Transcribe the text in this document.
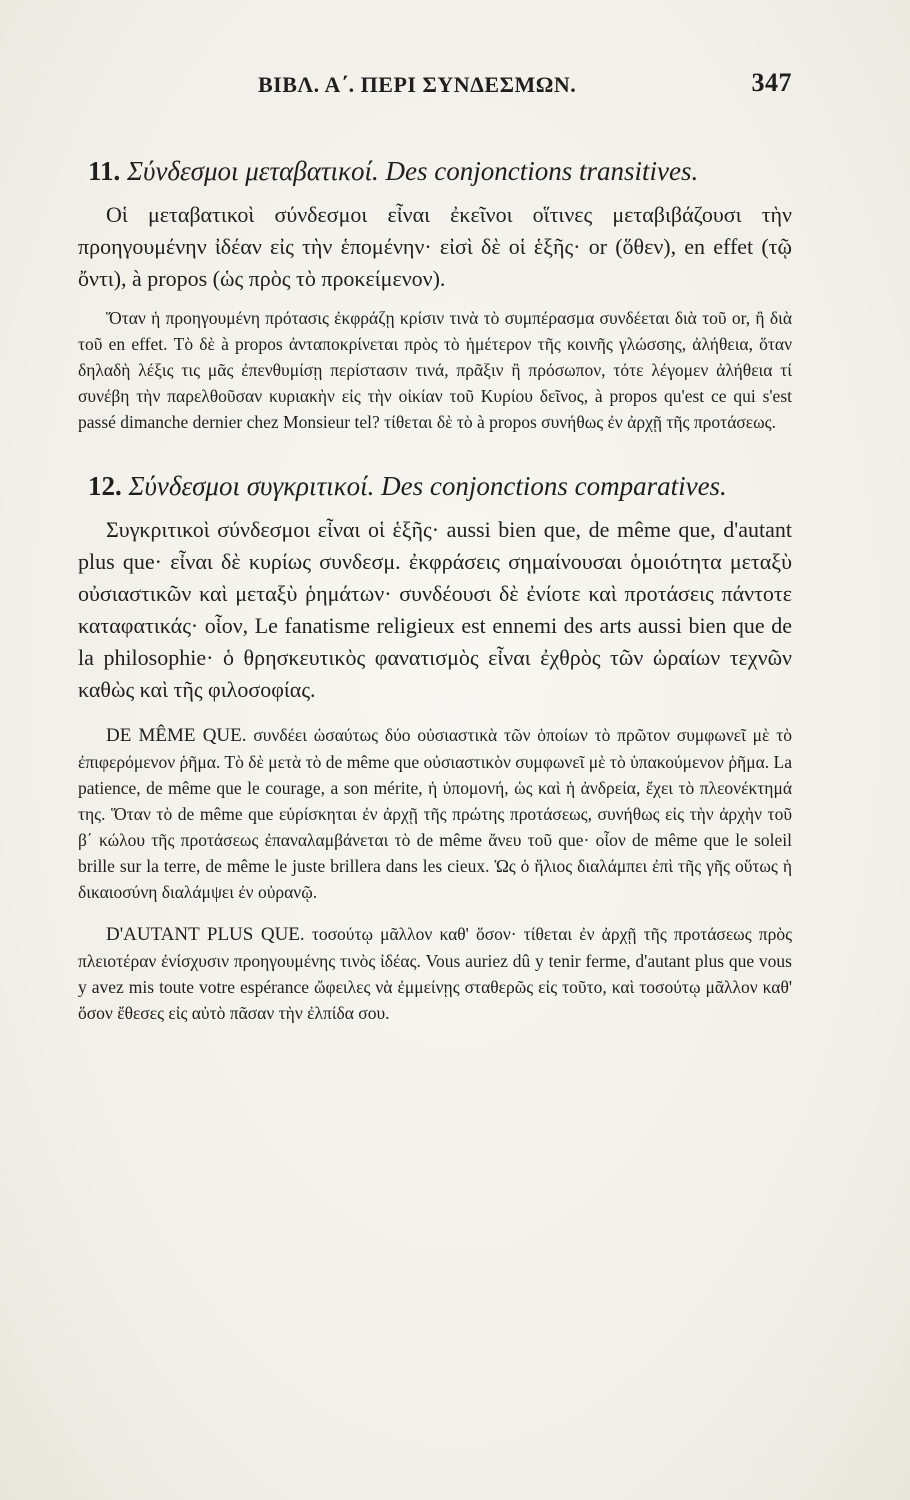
ΒΙΒΛ. Α΄. ΠΕΡΙ ΣΥΝΔΕΣΜΩΝ.	347
11. Σύνδεσμοι μεταβατικοί. Des conjonctions transitives.

Οἱ μεταβατικοὶ σύνδεσμοι εἶναι ἐκεῖνοι οἵτινες μεταβιβάζουσι τὴν προηγουμένην ἰδέαν εἰς τὴν ἑπομένην· εἰσὶ δὲ οἱ ἑξῆς· or (ὅθεν), en effet (τῷ ὄντι), à propos (ὡς πρὸς τὸ προκείμενον).

Ὅταν ἡ προηγουμένη πρότασις ἐκφράζῃ κρίσιν τινὰ τὸ συμπέρασμα συνδέεται διὰ τοῦ or, ἢ διὰ τοῦ en effet. Τὸ δὲ à propos ἀνταποκρίνεται πρὸς τὸ ἡμέτερον τῆς κοινῆς γλώσσης, ἀλήθεια, ὅταν δηλαδὴ λέξις τις μᾶς ἐπενθυμίσῃ περίστασιν τινά, πρᾶξιν ἢ πρόσωπον, τότε λέγομεν ἀλήθεια τί συνέβη τὴν παρελθοῦσαν κυριακὴν εἰς τὴν οἰκίαν τοῦ Κυρίου δεῖνος, à propos qu'est ce qui s'est passé dimanche dernier chez Monsieur tel? τίθεται δὲ τὸ à propos συνήθως ἐν ἀρχῇ τῆς προτάσεως.

12. Σύνδεσμοι συγκριτικοί. Des conjonctions comparatives.

Συγκριτικοὶ σύνδεσμοι εἶναι οἱ ἑξῆς· aussi bien que, de même que, d'autant plus que· εἶναι δὲ κυρίως συνδεσμ. ἐκφράσεις σημαίνουσαι ὁμοιότητα μεταξὺ οὐσιαστικῶν καὶ μεταξὺ ῥημάτων· συνδέουσι δὲ ἐνίοτε καὶ προτάσεις πάντοτε καταφατικάς· οἷον, Le fanatisme religieux est ennemi des arts aussi bien que de la philosophie· ὁ θρησκευτικὸς φανατισμὸς εἶναι ἐχθρὸς τῶν ὡραίων τεχνῶν καθὼς καὶ τῆς φιλοσοφίας.

DE MÊME QUE. συνδέει ὡσαύτως δύο οὐσιαστικὰ τῶν ὁποίων τὸ πρῶτον συμφωνεῖ μὲ τὸ ἐπιφερόμενον ῥῆμα. Τὸ δὲ μετὰ τὸ de même que οὐσιαστικὸν συμφωνεῖ μὲ τὸ ὑπακούμενον ῥῆμα. La patience, de même que le courage, a son mérite, ἡ ὑπομονή, ὡς καὶ ἡ ἀνδρεία, ἔχει τὸ πλεονέκτημά της. Ὅταν τὸ de même que εὑρίσκηται ἐν ἀρχῇ τῆς πρώτης προτάσεως, συνήθως εἰς τὴν ἀρχὴν τοῦ β΄ κώλου τῆς προτάσεως ἐπαναλαμβάνεται τὸ de même ἄνευ τοῦ que· οἷον de même que le soleil brille sur la terre, de même le juste brillera dans les cieux. Ὡς ὁ ἥλιος διαλάμπει ἐπὶ τῆς γῆς οὕτως ἡ δικαιοσύνη διαλάμψει ἐν οὐρανῷ.

D'AUTANT PLUS QUE. τοσούτῳ μᾶλλον καθ' ὅσον· τίθεται ἐν ἀρχῇ τῆς προτάσεως πρὸς πλειοτέραν ἐνίσχυσιν προηγουμένης τινὸς ἰδέας. Vous auriez dû y tenir ferme, d'autant plus que vous y avez mis toute votre espérance ὤφειλες νὰ ἐμμείνῃς σταθερῶς εἰς τοῦτο, καὶ τοσούτῳ μᾶλλον καθ' ὅσον ἔθεσες εἰς αὐτὸ πᾶσαν τὴν ἐλπίδα σου.
